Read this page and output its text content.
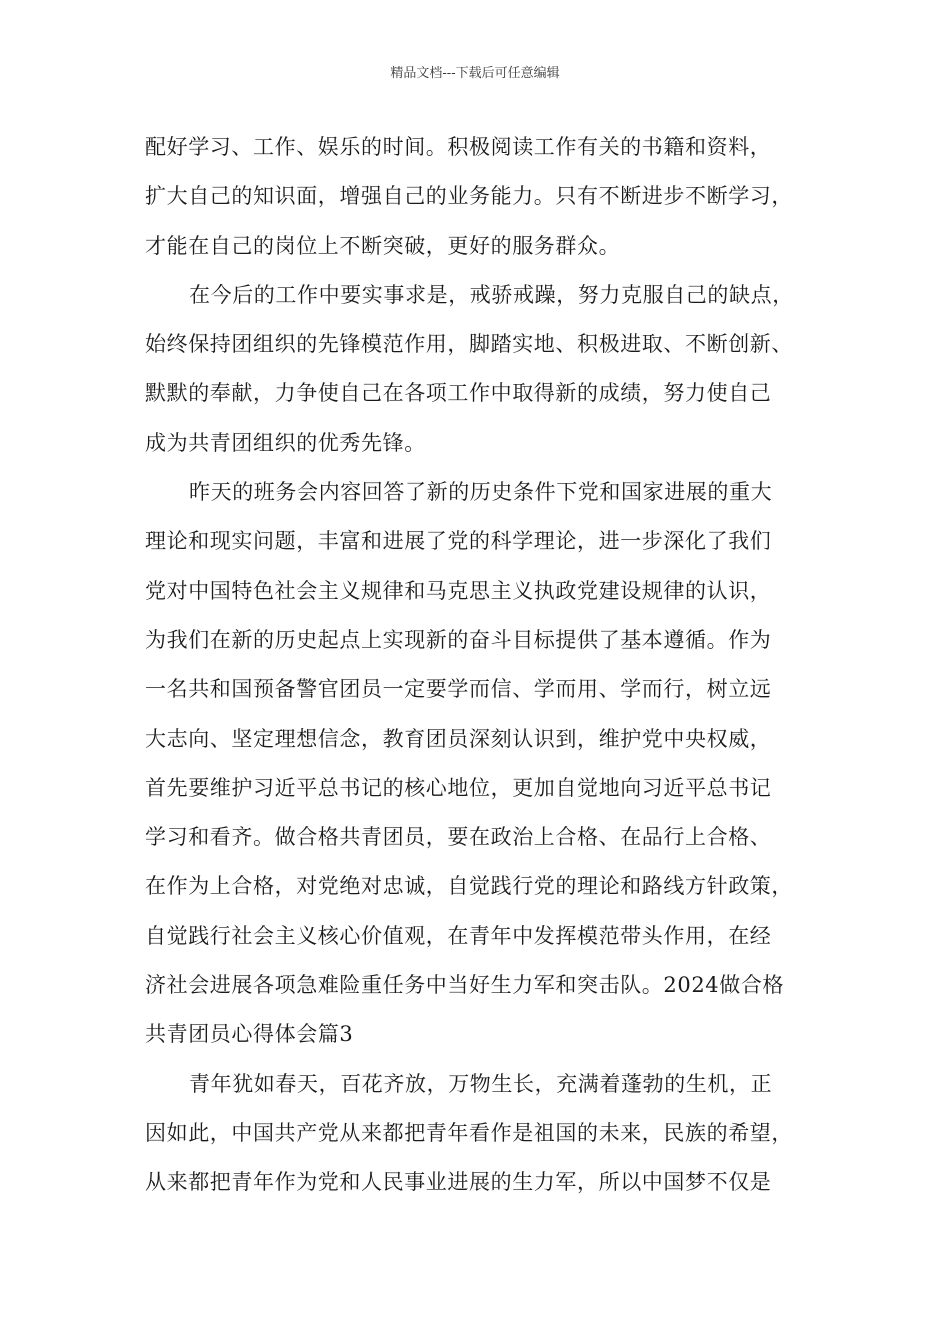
精品文档---下载后可任意编辑
配好学习、工作、娱乐的时间。积极阅读工作有关的书籍和资料，
扩大自己的知识面，增强自己的业务能力。只有不断进步不断学习，
才能在自己的岗位上不断突破，更好的服务群众。
在今后的工作中要实事求是，戒骄戒躁，努力克服自己的缺点，
始终保持团组织的先锋模范作用，脚踏实地、积极进取、不断创新、
默默的奉献，力争使自己在各项工作中取得新的成绩，努力使自己
成为共青团组织的优秀先锋。
昨天的班务会内容回答了新的历史条件下党和国家进展的重大
理论和现实问题，丰富和进展了党的科学理论，进一步深化了我们
党对中国特色社会主义规律和马克思主义执政党建设规律的认识，
为我们在新的历史起点上实现新的奋斗目标提供了基本遵循。作为
一名共和国预备警官团员一定要学而信、学而用、学而行，树立远
大志向、坚定理想信念，教育团员深刻认识到，维护党中央权威，
首先要维护习近平总书记的核心地位，更加自觉地向习近平总书记
学习和看齐。做合格共青团员，要在政治上合格、在品行上合格、
在作为上合格，对党绝对忠诚，自觉践行党的理论和路线方针政策，
自觉践行社会主义核心价值观，在青年中发挥模范带头作用，在经
济社会进展各项急难险重任务中当好生力军和突击队。2024做合格
共青团员心得体会篇3
青年犹如春天，百花齐放，万物生长，充满着蓬勃的生机，正
因如此，中国共产党从来都把青年看作是祖国的未来，民族的希望，
从来都把青年作为党和人民事业进展的生力军，所以中国梦不仅是
